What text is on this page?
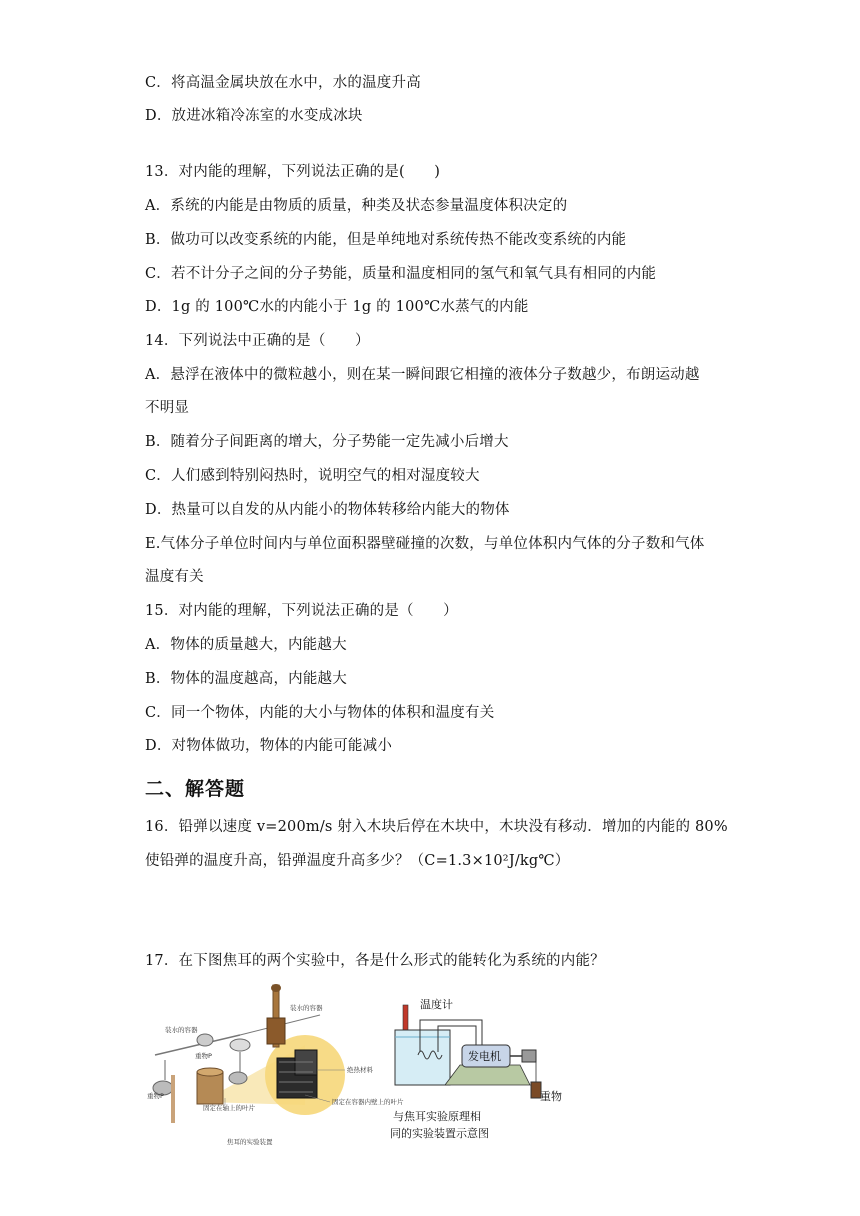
C．将高温金属块放在水中，水的温度升高
D．放进冰箱冷冻室的水变成冰块
13．对内能的理解，下列说法正确的是(　　)
A．系统的内能是由物质的质量，种类及状态参量温度体积决定的
B．做功可以改变系统的内能，但是单纯地对系统传热不能改变系统的内能
C．若不计分子之间的分子势能，质量和温度相同的氢气和氧气具有相同的内能
D．1g 的 100℃水的内能小于 1g 的 100℃水蒸气的内能
14．下列说法中正确的是（　　）
A．悬浮在液体中的微粒越小，则在某一瞬间跟它相撞的液体分子数越少，布朗运动越
不明显
B．随着分子间距离的增大，分子势能一定先减小后增大
C．人们感到特别闷热时，说明空气的相对湿度较大
D．热量可以自发的从内能小的物体转移给内能大的物体
E.气体分子单位时间内与单位面积器壁碰撞的次数，与单位体积内气体的分子数和气体
温度有关
15．对内能的理解，下列说法正确的是（　　）
A．物体的质量越大，内能越大
B．物体的温度越高，内能越大
C．同一个物体，内能的大小与物体的体积和温度有关
D．对物体做功，物体的内能可能减小
二、解答题
16．铅弹以速度 v=200m/s 射入木块后停在木块中，木块没有移动．增加的内能的 80%
使铅弹的温度升高，铅弹温度升高多少？（C=1.3×10²J/kg℃）
17．在下图焦耳的两个实验中，各是什么形式的能转化为系统的内能？
装水的容器
重物P
重物P
装水的容器
绝热材料
固定在轴上的叶片
固定在容器内壁上的叶片
焦耳的实验装置
温度计
发电机
重物
与焦耳实验原理相
同的实验装置示意图
